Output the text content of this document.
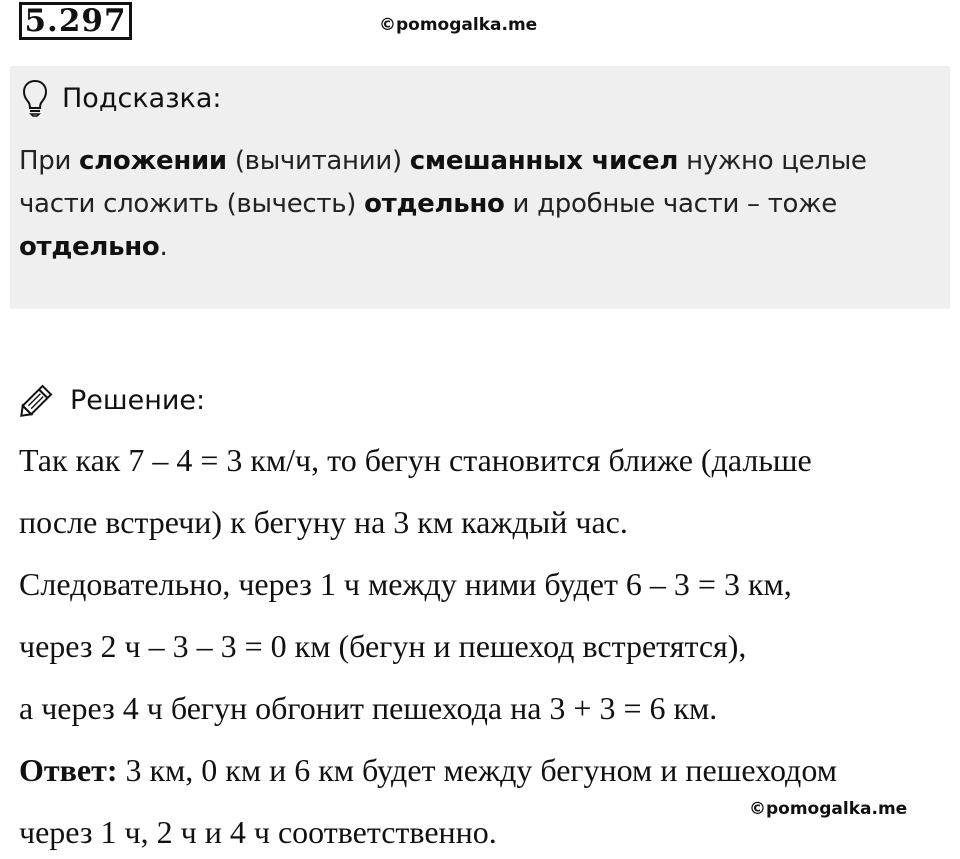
5.297	©pomogalka.me
Подсказка:
При сложении (вычитании) смешанных чисел нужно целые
части сложить (вычесть) отдельно и дробные части – тоже
отдельно.
Решение:
Так как 7 – 4 = 3 км/ч, то бегун становится ближе (дальше
после встречи) к бегуну на 3 км каждый час.
Следовательно, через 1 ч между ними будет 6 – 3 = 3 км,
через 2 ч – 3 – 3 = 0 км (бегун и пешеход встретятся),
а через 4 ч бегун обгонит пешехода на 3 + 3 = 6 км.
Ответ: 3 км, 0 км и 6 км будет между бегуном и пешеходом
через 1 ч, 2 ч и 4 ч соответственно.
©pomogalka.me
